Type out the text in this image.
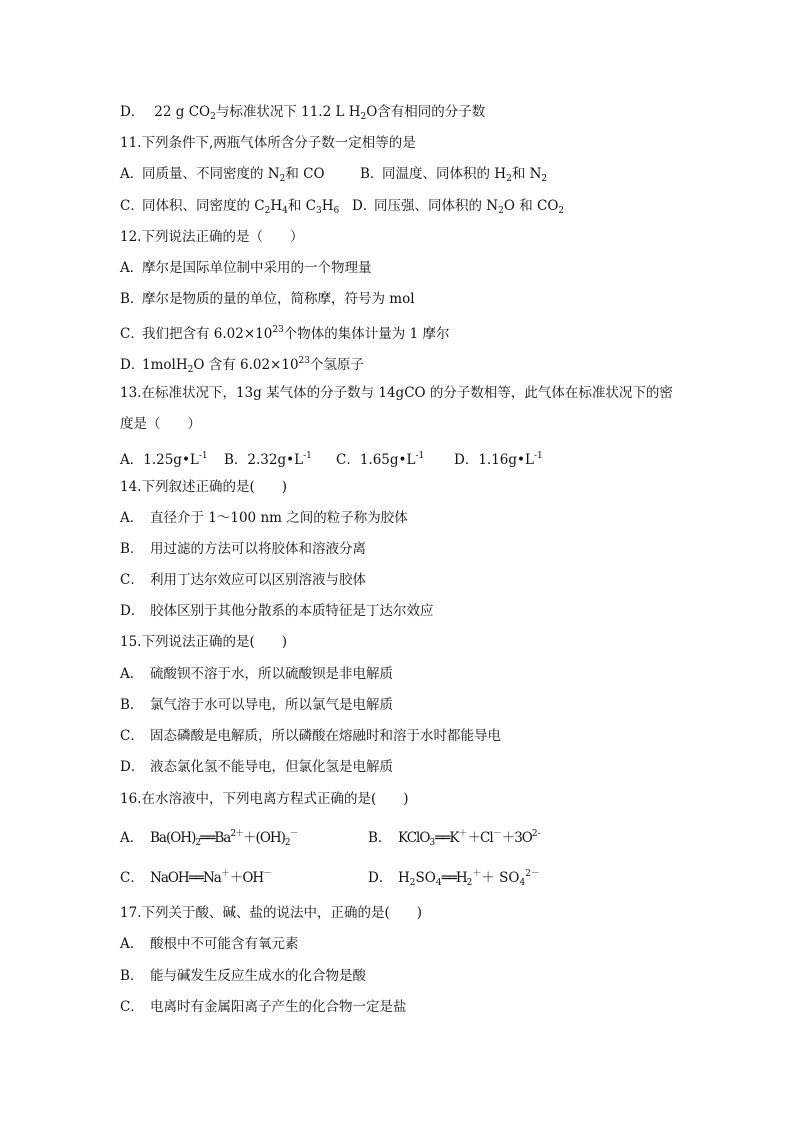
D． 22 g $CO_2$与标准状况下 11.2 L $H_2O$含有相同的分子数
11.下列条件下,两瓶气体所含分子数一定相等的是
A．同质量、不同密度的 $N_2$和 CO	B．同温度、同体积的 $H_2$和 $N_2$
C．同体积、同密度的 $C_2H_4$和 $C_3H_6$ D．同压强、同体积的 $N_2O$ 和 $CO_2$
12.下列说法正确的是（　　）
A．摩尔是国际单位制中采用的一个物理量
B．摩尔是物质的量的单位，简称摩，符号为 mol
C．我们把含有 $6.02\times 10^{23}$个物体的集体计量为 1 摩尔
D．1molH$_2$O 含有 $6.02\times 10^{23}$个氢原子
13.在标准状况下，13g 某气体的分子数与 14gCO 的分子数相等，此气体在标准状况下的密
度是（　　）
A．$1.25g•L^{-1}$ B．$2.32g•L^{-1}$ C．$1.65g•L^{-1}$ D．$1.16g•L^{-1}$
14.下列叙述正确的是(　　)
A． 直径介于 1～100 nm 之间的粒子称为胶体
B． 用过滤的方法可以将胶体和溶液分离
C． 利用丁达尔效应可以区别溶液与胶体
D． 胶体区别于其他分散系的本质特征是丁达尔效应
15.下列说法正确的是(　　)
A． 硫酸钡不溶于水，所以硫酸钡是非电解质
B． 氯气溶于水可以导电，所以氯气是电解质
C． 固态磷酸是电解质，所以磷酸在熔融时和溶于水时都能导电
D． 液态氯化氢不能导电，但氯化氢是电解质
16.在水溶液中，下列电离方程式正确的是(　　)
A． $Ba(OH)_2══Ba^{2+}+(OH)_2^-$	B． $KClO_3══K^++Cl^-+3O^{2-}$
C． NaOH══Na＋＋OH－	D． $H_2SO_4══H_2^++ SO_4^{2-}$
17.下列关于酸、碱、盐的说法中，正确的是(　　)
A． 酸根中不可能含有氧元素
B． 能与碱发生反应生成水的化合物是酸
C． 电离时有金属阳离子产生的化合物一定是盐
